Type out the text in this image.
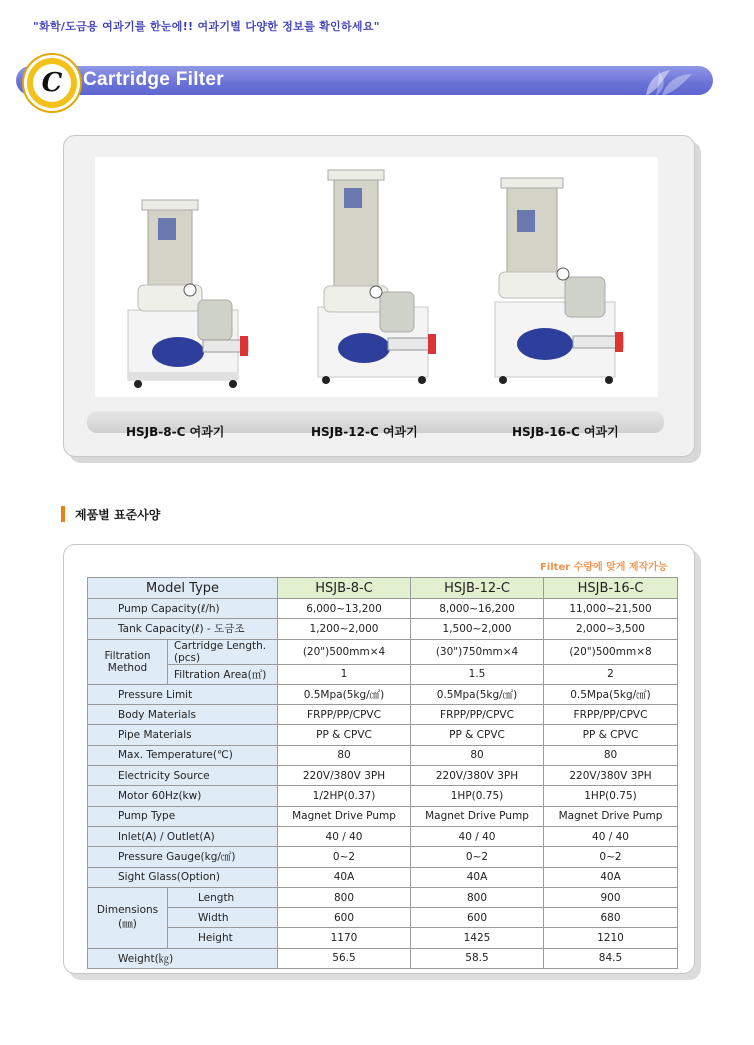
"화학/도금용 여과기를 한눈에!! 여과기별 다양한 정보를 확인하세요"
C	Cartridge Filter
HSJB-8-C 여과기	HSJB-12-C 여과기	HSJB-16-C 여과기
제품별 표준사양
Filter 수량에 맞게 제작가능
Model Type		HSJB-8-C	HSJB-12-C	HSJB-16-C
Pump Capacity(ℓ/h)		6,000~13,200	8,000~16,200	11,000~21,500
Tank Capacity(ℓ) - 도금조		1,200~2,000	1,500~2,000	2,000~3,500
Filtration Method	Cartridge Length.(pcs)	(20")500mm×4	(30")750mm×4	(20")500mm×8
	Filtration Area(㎡)	1	1.5	2
Pressure Limit		0.5Mpa(5kg/㎠)	0.5Mpa(5kg/㎠)	0.5Mpa(5kg/㎠)
Body Materials		FRPP/PP/CPVC	FRPP/PP/CPVC	FRPP/PP/CPVC
Pipe Materials		PP & CPVC	PP & CPVC	PP & CPVC
Max. Temperature(℃)		80	80	80
Electricity Source		220V/380V 3PH	220V/380V 3PH	220V/380V 3PH
Motor 60Hz(kw)		1/2HP(0.37)	1HP(0.75)	1HP(0.75)
Pump Type		Magnet Drive Pump	Magnet Drive Pump	Magnet Drive Pump
Inlet(A) / Outlet(A)		40 / 40	40 / 40	40 / 40
Pressure Gauge(kg/㎠)		0~2	0~2	0~2
Sight Glass(Option)		40A	40A	40A
Dimensions (㎜)	Length	800	800	900
	Width	600	600	680
	Height	1170	1425	1210
Weight(㎏)		56.5	58.5	84.5
